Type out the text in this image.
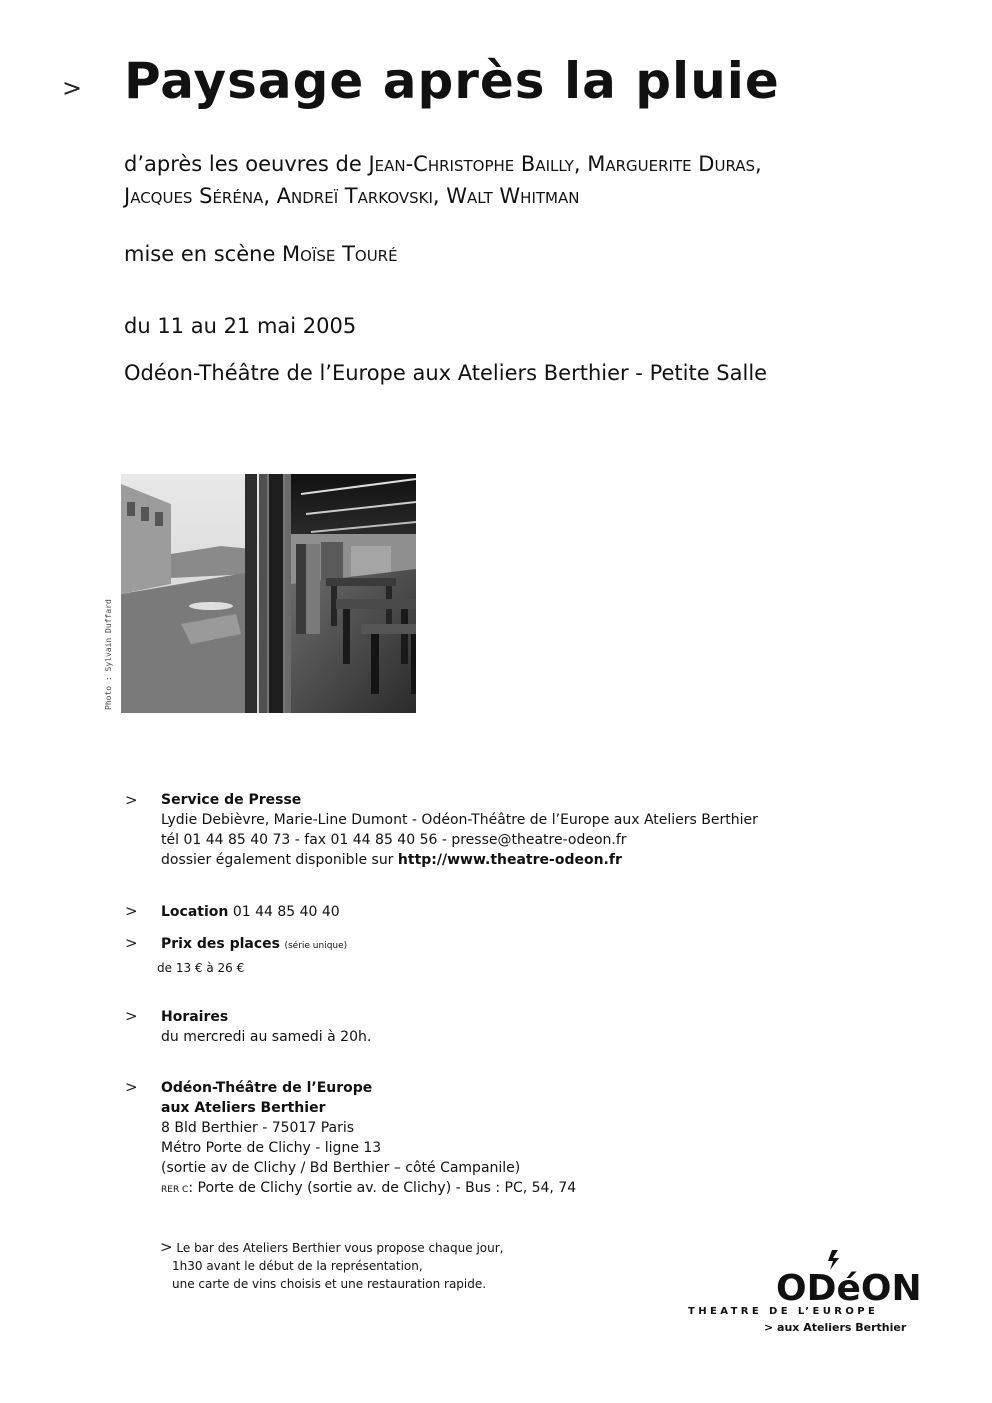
> Paysage après la pluie
d’après les oeuvres de Jean-Christophe Bailly, Marguerite Duras,
Jacques Séréna, Andreï Tarkovski, Walt Whitman
mise en scène Moïse Touré
du 11 au 21 mai 2005
Odéon-Théâtre de l’Europe aux Ateliers Berthier - Petite Salle
Photo : Sylvain Duffard
> Service de Presse
Lydie Debièvre, Marie-Line Dumont - Odéon-Théâtre de l’Europe aux Ateliers Berthier
tél 01 44 85 40 73 - fax 01 44 85 40 56 - presse@theatre-odeon.fr
dossier également disponible sur http://www.theatre-odeon.fr
> Location 01 44 85 40 40
> Prix des places (série unique)
de 13 € à 26 €
> Horaires
du mercredi au samedi à 20h.
> Odéon-Théâtre de l’Europe
aux Ateliers Berthier
8 Bld Berthier - 75017 Paris
Métro Porte de Clichy - ligne 13
(sortie av de Clichy / Bd Berthier – côté Campanile)
RER C: Porte de Clichy (sortie av. de Clichy) - Bus : PC, 54, 74
> Le bar des Ateliers Berthier vous propose chaque jour,
1h30 avant le début de la représentation,
une carte de vins choisis et une restauration rapide.	ODéON
THEATRE DE L’EUROPE
> aux Ateliers Berthier
